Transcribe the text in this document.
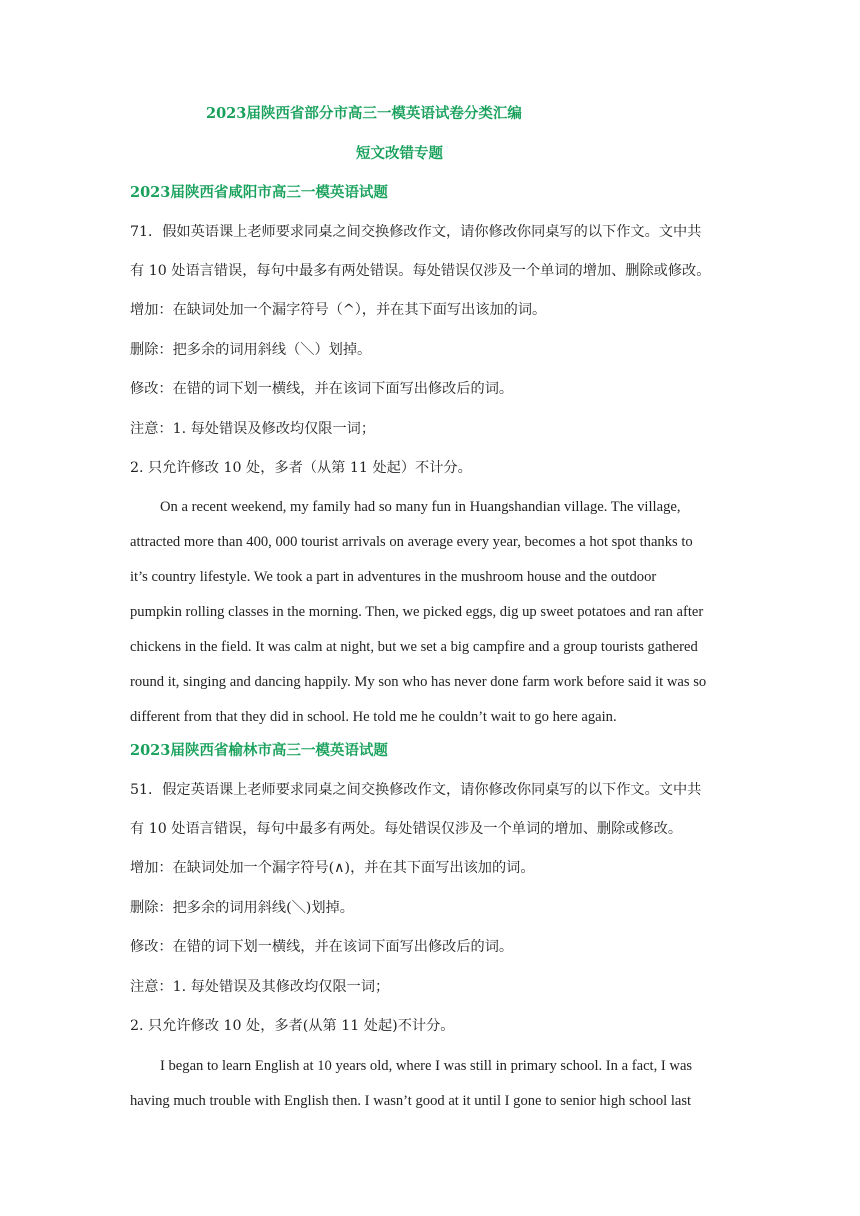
2023届陕西省部分市高三一模英语试卷分类汇编
短文改错专题
2023届陕西省咸阳市高三一模英语试题
71．假如英语课上老师要求同桌之间交换修改作文，请你修改你同桌写的以下作文。文中共
有 10 处语言错误，每句中最多有两处错误。每处错误仅涉及一个单词的增加、删除或修改。
增加：在缺词处加一个漏字符号（^），并在其下面写出该加的词。
删除：把多余的词用斜线（＼）划掉。
修改：在错的词下划一横线，并在该词下面写出修改后的词。
注意：1. 每处错误及修改均仅限一词；
2. 只允许修改 10 处，多者（从第 11 处起）不计分。
On a recent weekend, my family had so many fun in Huangshandian village. The village,
attracted more than 400, 000 tourist arrivals on average every year, becomes a hot spot thanks to
it’s country lifestyle. We took a part in adventures in the mushroom house and the outdoor
pumpkin rolling classes in the morning. Then, we picked eggs, dig up sweet potatoes and ran after
chickens in the field. It was calm at night, but we set a big campfire and a group tourists gathered
round it, singing and dancing happily. My son who has never done farm work before said it was so
different from that they did in school. He told me he couldn’t wait to go here again.
2023届陕西省榆林市高三一模英语试题
51．假定英语课上老师要求同桌之间交换修改作文，请你修改你同桌写的以下作文。文中共
有 10 处语言错误，每句中最多有两处。每处错误仅涉及一个单词的增加、删除或修改。
增加：在缺词处加一个漏字符号(∧)，并在其下面写出该加的词。
删除：把多余的词用斜线(＼)划掉。
修改：在错的词下划一横线，并在该词下面写出修改后的词。
注意：1. 每处错误及其修改均仅限一词；
2. 只允许修改 10 处，多者(从第 11 处起)不计分。
I began to learn English at 10 years old, where I was still in primary school. In a fact, I was
having much trouble with English then. I wasn’t good at it until I gone to senior high school last
